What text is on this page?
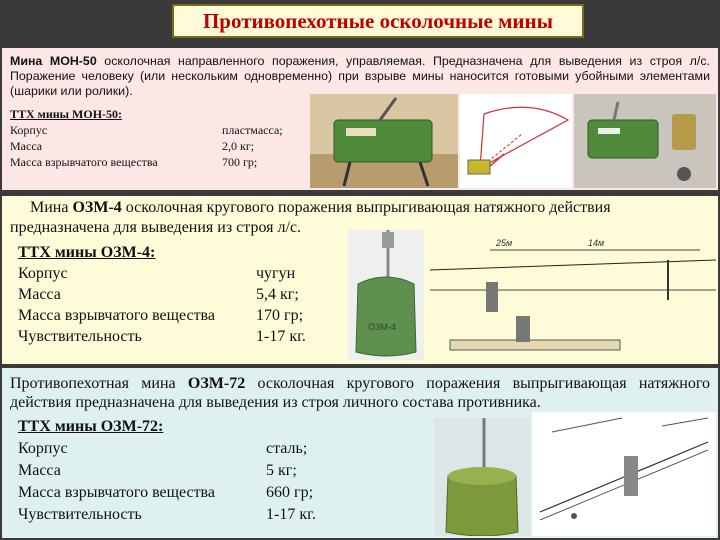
Противопехотные осколочные мины
Мина МОН-50 осколочная направленного поражения, управляемая. Предназначена для выведения из строя л/с. Поражение человеку (или нескольким одновременно) при взрыве мины наносится готовыми убойными элементами (шарики или ролики).
ТТХ мины МОН-50:
Корпус	пластмасса;
Масса	2,0 кг;
Масса взрывчатого вещества	700 гр;
Мина ОЗМ-4 осколочная кругового поражения выпрыгивающая натяжного действия предназначена для выведения из строя л/с.
ТТХ мины ОЗМ-4:
Корпус	чугун
Масса	5,4 кг;
Масса взрывчатого вещества	170 гр;
Чувствительность	1-17 кг.
ОЗМ-4
25м	14м
Противопехотная мина ОЗМ-72 осколочная кругового поражения выпрыгивающая натяжного действия предназначена для выведения из строя личного состава противника.
ТТХ мины ОЗМ-72:
Корпус	сталь;
Масса	5 кг;
Масса взрывчатого вещества	660 гр;
Чувствительность	1-17 кг.
